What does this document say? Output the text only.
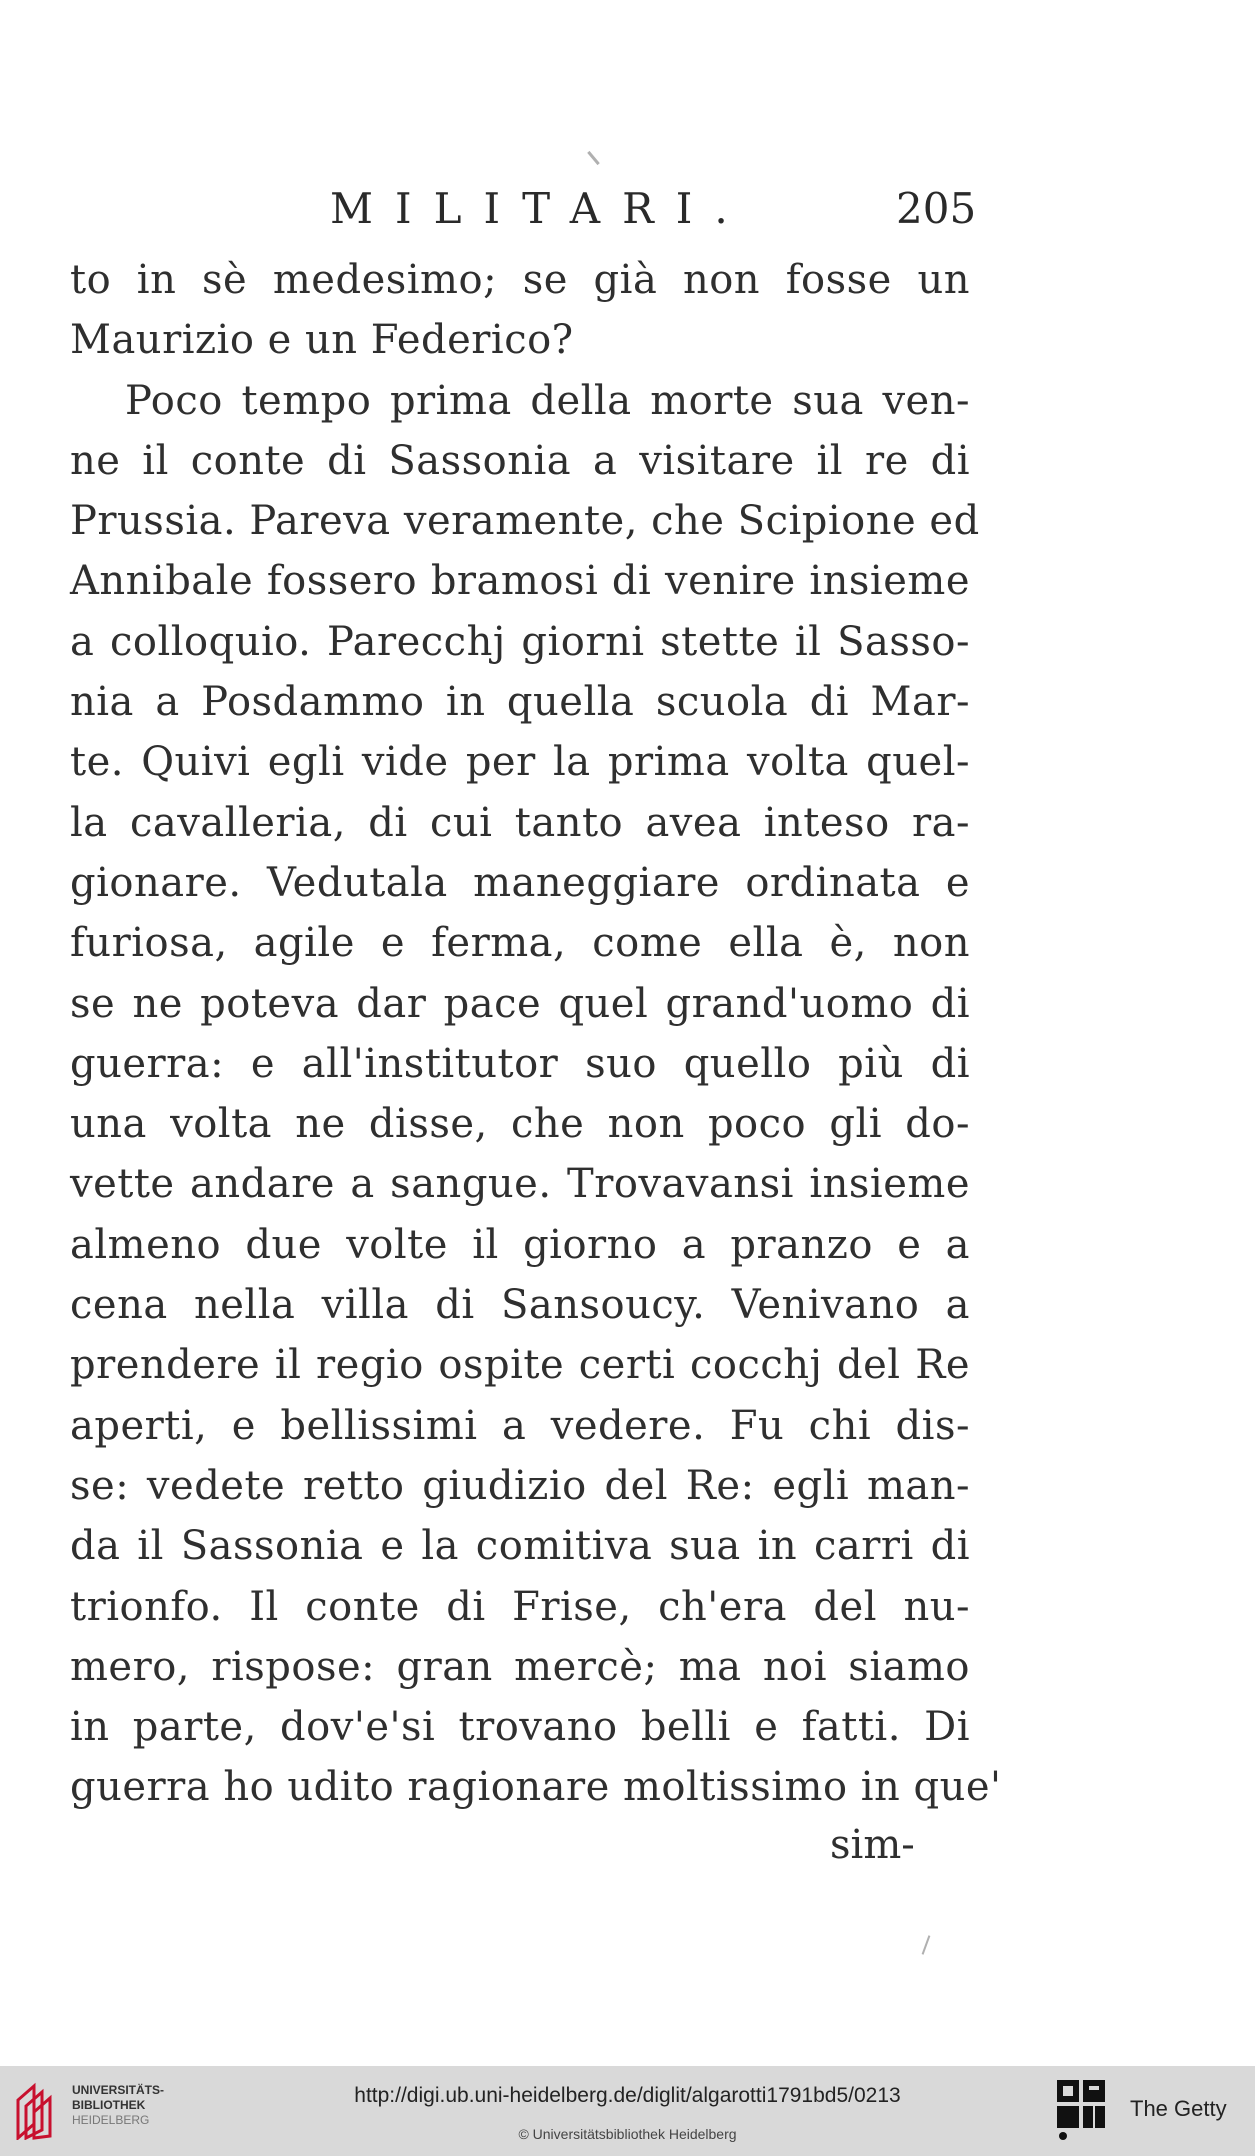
MILITARI.	205
to in sè medesimo; se già non fosse un
Maurizio e un Federico?
Poco tempo prima della morte sua ven-
ne il conte di Sassonia a visitare il re di
Prussia. Pareva veramente, che Scipione ed
Annibale fossero bramosi di venire insieme
a colloquio. Parecchj giorni stette il Sasso-
nia a Posdammo in quella scuola di Mar-
te. Quivi egli vide per la prima volta quel-
la cavalleria, di cui tanto avea inteso ra-
gionare. Vedutala maneggiare ordinata e
furiosa, agile e ferma, come ella è, non
se ne poteva dar pace quel grand'uomo di
guerra: e all'institutor suo quello più di
una volta ne disse, che non poco gli do-
vette andare a sangue. Trovavansi insieme
almeno due volte il giorno a pranzo e a
cena nella villa di Sansoucy. Venivano a
prendere il regio ospite certi cocchj del Re
aperti, e bellissimi a vedere. Fu chi dis-
se: vedete retto giudizio del Re: egli man-
da il Sassonia e la comitiva sua in carri di
trionfo. Il conte di Frise, ch'era del nu-
mero, rispose: gran mercè; ma noi siamo
in parte, dov'e'si trovano belli e fatti. Di
guerra ho udito ragionare moltissimo in que'
sim-
UNIVERSITÄTS-
BIBLIOTHEK
HEIDELBERG
http://digi.ub.uni-heidelberg.de/diglit/algarotti1791bd5/0213
© Universitätsbibliothek Heidelberg
The Getty
